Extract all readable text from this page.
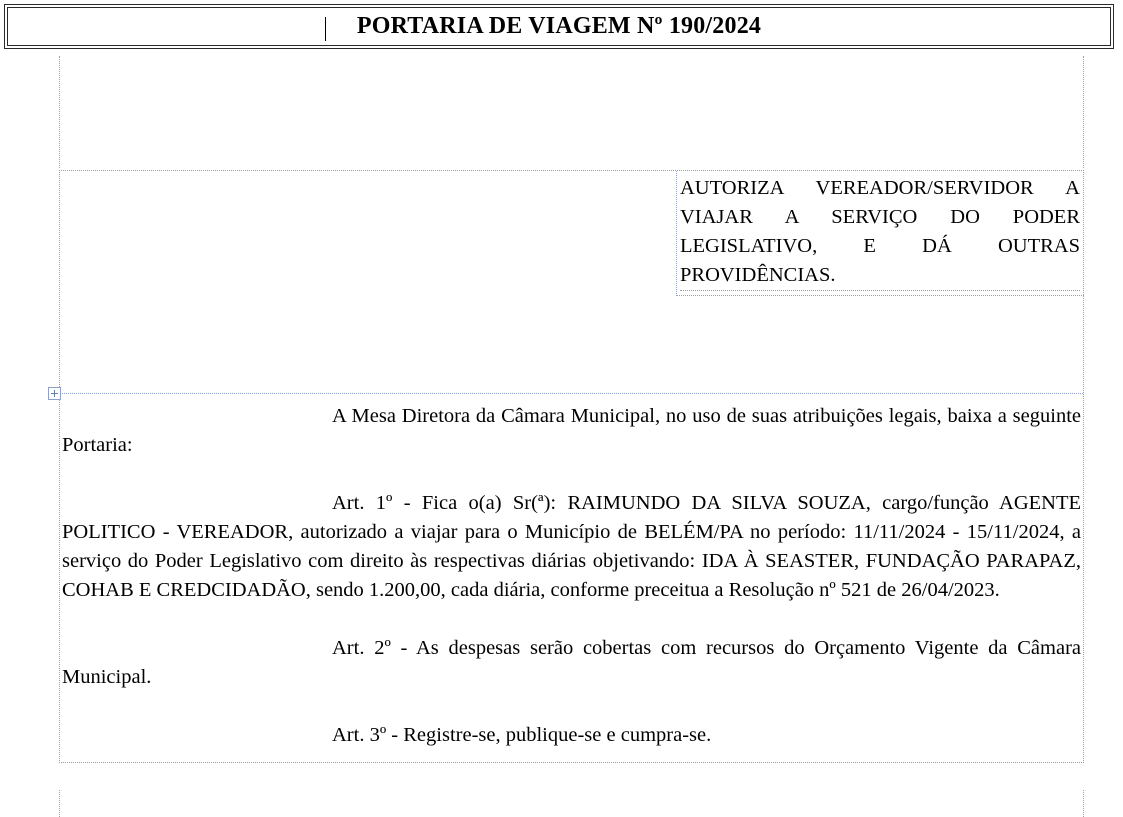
PORTARIA DE VIAGEM Nº 190/2024
AUTORIZA VEREADOR/SERVIDOR A VIAJAR A SERVIÇO DO PODER LEGISLATIVO, E DÁ OUTRAS PROVIDÊNCIAS.

A Mesa Diretora da Câmara Municipal, no uso de suas atribuições legais, baixa a seguinte Portaria:

Art. 1º - Fica o(a) Sr(ª): RAIMUNDO DA SILVA SOUZA, cargo/função AGENTE POLITICO - VEREADOR, autorizado a viajar para o Município de BELÉM/PA no período: 11/11/2024 - 15/11/2024, a serviço do Poder Legislativo com direito às respectivas diárias objetivando: IDA À SEASTER, FUNDAÇÃO PARAPAZ, COHAB E CREDCIDADÃO, sendo 1.200,00, cada diária, conforme preceitua a Resolução nº 521 de 26/04/2023.

Art. 2º - As despesas serão cobertas com recursos do Orçamento Vigente da Câmara Municipal.

Art. 3º - Registre-se, publique-se e cumpra-se.
